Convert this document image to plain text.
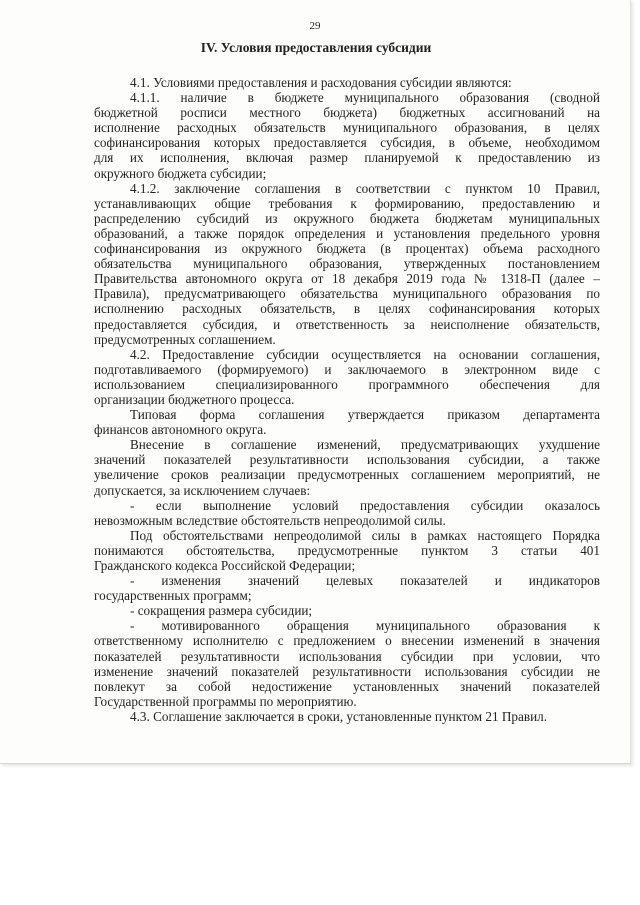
29
IV. Условия предоставления субсидии
4.1. Условиями предоставления и расходования субсидии являются:
4.1.1. наличие в бюджете муниципального образования (сводной
бюджетной росписи местного бюджета) бюджетных ассигнований на
исполнение расходных обязательств муниципального образования, в целях
софинансирования которых предоставляется субсидия, в объеме, необходимом
для их исполнения, включая размер планируемой к предоставлению из
окружного бюджета субсидии;
4.1.2. заключение соглашения в соответствии с пунктом 10 Правил,
устанавливающих общие требования к формированию, предоставлению и
распределению субсидий из окружного бюджета бюджетам муниципальных
образований, а также порядок определения и установления предельного уровня
софинансирования из окружного бюджета (в процентах) объема расходного
обязательства муниципального образования, утвержденных постановлением
Правительства автономного округа от 18 декабря 2019 года № 1318-П (далее –
Правила), предусматривающего обязательства муниципального образования по
исполнению расходных обязательств, в целях софинансирования которых
предоставляется субсидия, и ответственность за неисполнение обязательств,
предусмотренных соглашением.
4.2. Предоставление субсидии осуществляется на основании соглашения,
подготавливаемого (формируемого) и заключаемого в электронном виде с
использованием специализированного программного обеспечения для
организации бюджетного процесса.
Типовая форма соглашения утверждается приказом департамента
финансов автономного округа.
Внесение в соглашение изменений, предусматривающих ухудшение
значений показателей результативности использования субсидии, а также
увеличение сроков реализации предусмотренных соглашением мероприятий, не
допускается, за исключением случаев:
- если выполнение условий предоставления субсидии оказалось
невозможным вследствие обстоятельств непреодолимой силы.
Под обстоятельствами непреодолимой силы в рамках настоящего Порядка
понимаются обстоятельства, предусмотренные пунктом 3 статьи 401
Гражданского кодекса Российской Федерации;
- изменения значений целевых показателей и индикаторов
государственных программ;
- сокращения размера субсидии;
- мотивированного обращения муниципального образования к
ответственному исполнителю с предложением о внесении изменений в значения
показателей результативности использования субсидии при условии, что
изменение значений показателей результативности использования субсидии не
повлекут за собой недостижение установленных значений показателей
Государственной программы по мероприятию.
4.3. Соглашение заключается в сроки, установленные пунктом 21 Правил.
